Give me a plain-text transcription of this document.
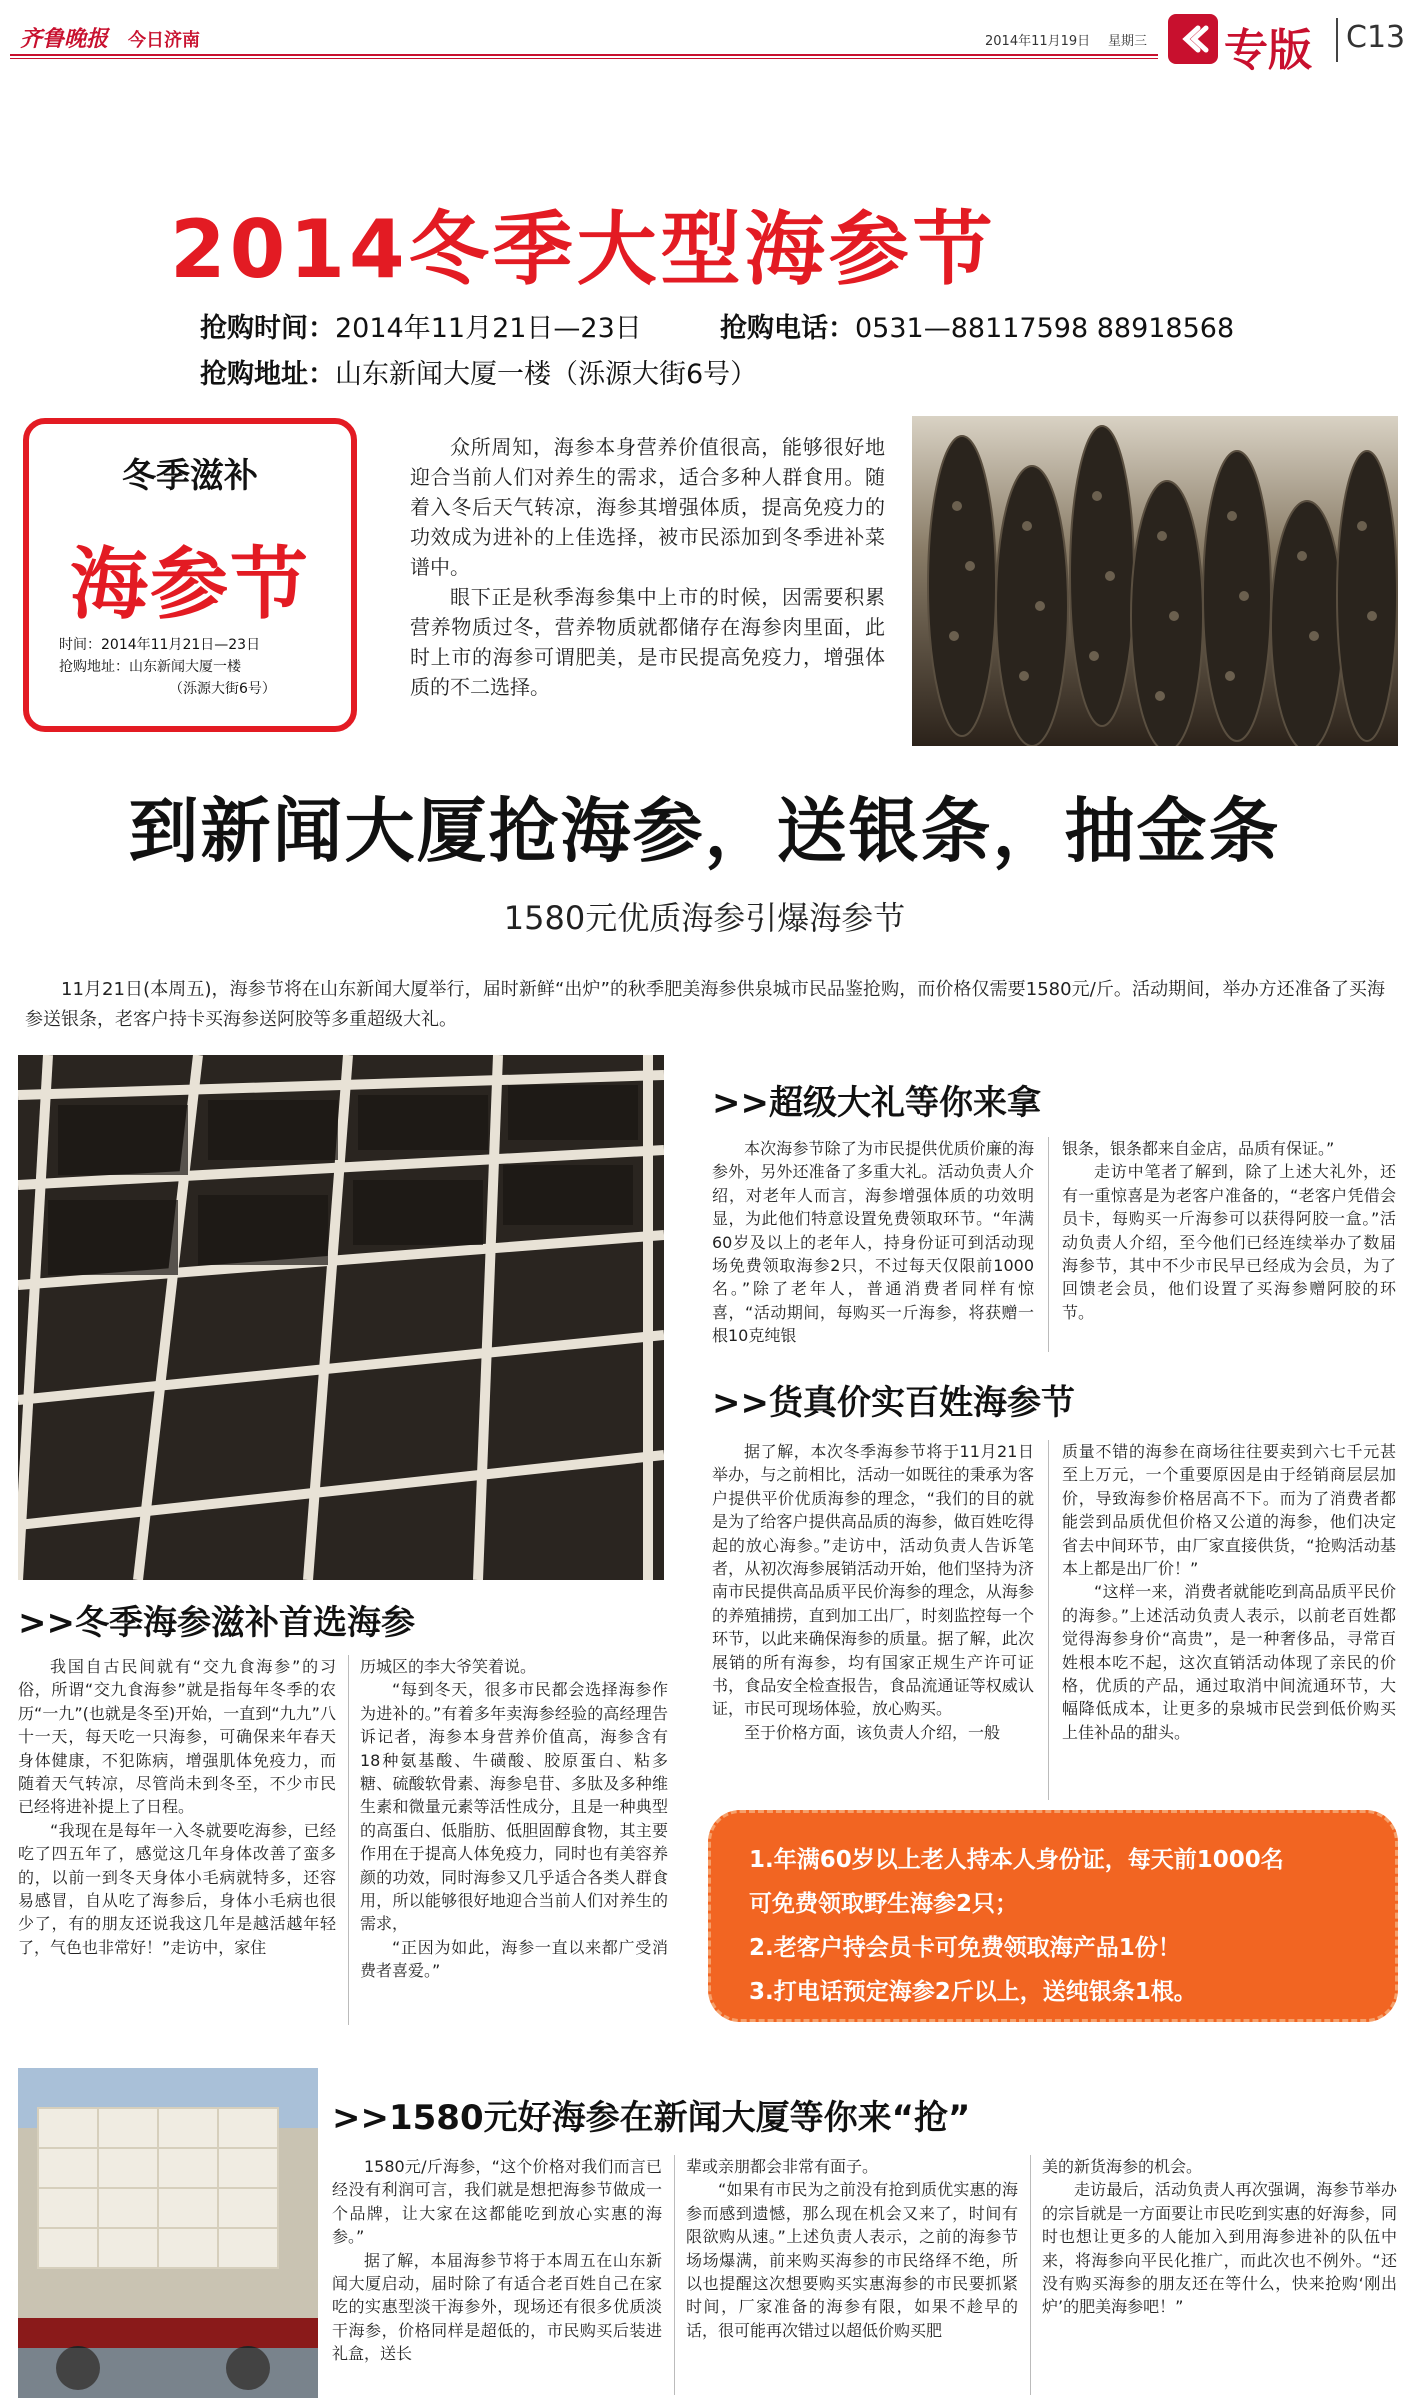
齐鲁晚报 今日济南	2014年11月19日 星期三 专版 C13
2014冬季大型海参节
抢购时间：2014年11月21日—23日	抢购电话：0531—88117598 88918568
抢购地址：山东新闻大厦一楼（泺源大街6号）
冬季滋补
海参节
时间：2014年11月21日—23日
抢购地址：山东新闻大厦一楼
（泺源大街6号）

众所周知，海参本身营养价值很高，能够很好地迎合当前人们对养生的需求，适合多种人群食用。随着入冬后天气转凉，海参其增强体质，提高免疫力的功效成为进补的上佳选择，被市民添加到冬季进补菜谱中。

眼下正是秋季海参集中上市的时候，因需要积累营养物质过冬，营养物质就都储存在海参肉里面，此时上市的海参可谓肥美，是市民提高免疫力，增强体质的不二选择。

到新闻大厦抢海参，送银条，抽金条
1580元优质海参引爆海参节
11月21日(本周五)，海参节将在山东新闻大厦举行，届时新鲜“出炉”的秋季肥美海参供泉城市民品鉴抢购，而价格仅需要1580元/斤。活动期间，举办方还准备了买海参送银条，老客户持卡买海参送阿胶等多重超级大礼。
>>超级大礼等你来拿

本次海参节除了为市民提供优质价廉的海参外，另外还准备了多重大礼。活动负责人介绍，对老年人而言，海参增强体质的功效明显，为此他们特意设置免费领取环节。“年满60岁及以上的老年人，持身份证可到活动现场免费领取海参2只，不过每天仅限前1000名。”除了老年人，普通消费者同样有惊喜，“活动期间，每购买一斤海参，将获赠一根10克纯银

银条，银条都来自金店，品质有保证。”

走访中笔者了解到，除了上述大礼外，还有一重惊喜是为老客户准备的，“老客户凭借会员卡，每购买一斤海参可以获得阿胶一盒。”活动负责人介绍，至今他们已经连续举办了数届海参节，其中不少市民早已经成为会员，为了回馈老会员，他们设置了买海参赠阿胶的环节。

>>货真价实百姓海参节

据了解，本次冬季海参节将于11月21日举办，与之前相比，活动一如既往的秉承为客户提供平价优质海参的理念，“我们的目的就是为了给客户提供高品质的海参，做百姓吃得起的放心海参。”走访中，活动负责人告诉笔者，从初次海参展销活动开始，他们坚持为济南市民提供高品质平民价海参的理念，从海参的养殖捕捞，直到加工出厂，时刻监控每一个环节，以此来确保海参的质量。据了解，此次展销的所有海参，均有国家正规生产许可证书，食品安全检查报告，食品流通证等权威认证，市民可现场体验，放心购买。

至于价格方面，该负责人介绍，一般

质量不错的海参在商场往往要卖到六七千元甚至上万元，一个重要原因是由于经销商层层加价，导致海参价格居高不下。而为了消费者都能尝到品质优但价格又公道的海参，他们决定省去中间环节，由厂家直接供货，“抢购活动基本上都是出厂价！”

“这样一来，消费者就能吃到高品质平民价的海参。”上述活动负责人表示，以前老百姓都觉得海参身价“高贵”，是一种奢侈品，寻常百姓根本吃不起，这次直销活动体现了亲民的价格，优质的产品，通过取消中间流通环节，大幅降低成本，让更多的泉城市民尝到低价购买上佳补品的甜头。

1.年满60岁以上老人持本人身份证，每天前1000名
可免费领取野生海参2只；
2.老客户持会员卡可免费领取海产品1份！
3.打电话预定海参2斤以上，送纯银条1根。
>>冬季海参滋补首选海参

我国自古民间就有“交九食海参”的习俗，所谓“交九食海参”就是指每年冬季的农历“一九”(也就是冬至)开始，一直到“九九”八十一天，每天吃一只海参，可确保来年春天身体健康，不犯陈病，增强肌体免疫力，而随着天气转凉，尽管尚未到冬至，不少市民已经将进补提上了日程。

“我现在是每年一入冬就要吃海参，已经吃了四五年了，感觉这几年身体改善了蛮多的，以前一到冬天身体小毛病就特多，还容易感冒，自从吃了海参后，身体小毛病也很少了，有的朋友还说我这几年是越活越年轻了，气色也非常好！”走访中，家住

历城区的李大爷笑着说。

“每到冬天，很多市民都会选择海参作为进补的。”有着多年卖海参经验的高经理告诉记者，海参本身营养价值高，海参含有18种氨基酸、牛磺酸、胶原蛋白、粘多糖、硫酸软骨素、海参皂苷、多肽及多种维生素和微量元素等活性成分，且是一种典型的高蛋白、低脂肪、低胆固醇食物，其主要作用在于提高人体免疫力，同时也有美容养颜的功效，同时海参又几乎适合各类人群食用，所以能够很好地迎合当前人们对养生的需求，

“正因为如此，海参一直以来都广受消费者喜爱。”

>>1580元好海参在新闻大厦等你来“抢”

1580元/斤海参，“这个价格对我们而言已经没有利润可言，我们就是想把海参节做成一个品牌，让大家在这都能吃到放心实惠的海参。”

据了解，本届海参节将于本周五在山东新闻大厦启动，届时除了有适合老百姓自己在家吃的实惠型淡干海参外，现场还有很多优质淡干海参，价格同样是超低的，市民购买后装进礼盒，送长

辈或亲朋都会非常有面子。

“如果有市民为之前没有抢到质优实惠的海参而感到遗憾，那么现在机会又来了，时间有限欲购从速。”上述负责人表示，之前的海参节场场爆满，前来购买海参的市民络绎不绝，所以也提醒这次想要购买实惠海参的市民要抓紧时间，厂家准备的海参有限，如果不趁早的话，很可能再次错过以超低价购买肥

美的新货海参的机会。

走访最后，活动负责人再次强调，海参节举办的宗旨就是一方面要让市民吃到实惠的好海参，同时也想让更多的人能加入到用海参进补的队伍中来，将海参向平民化推广，而此次也不例外。“还没有购买海参的朋友还在等什么，快来抢购‘刚出炉’的肥美海参吧！”
